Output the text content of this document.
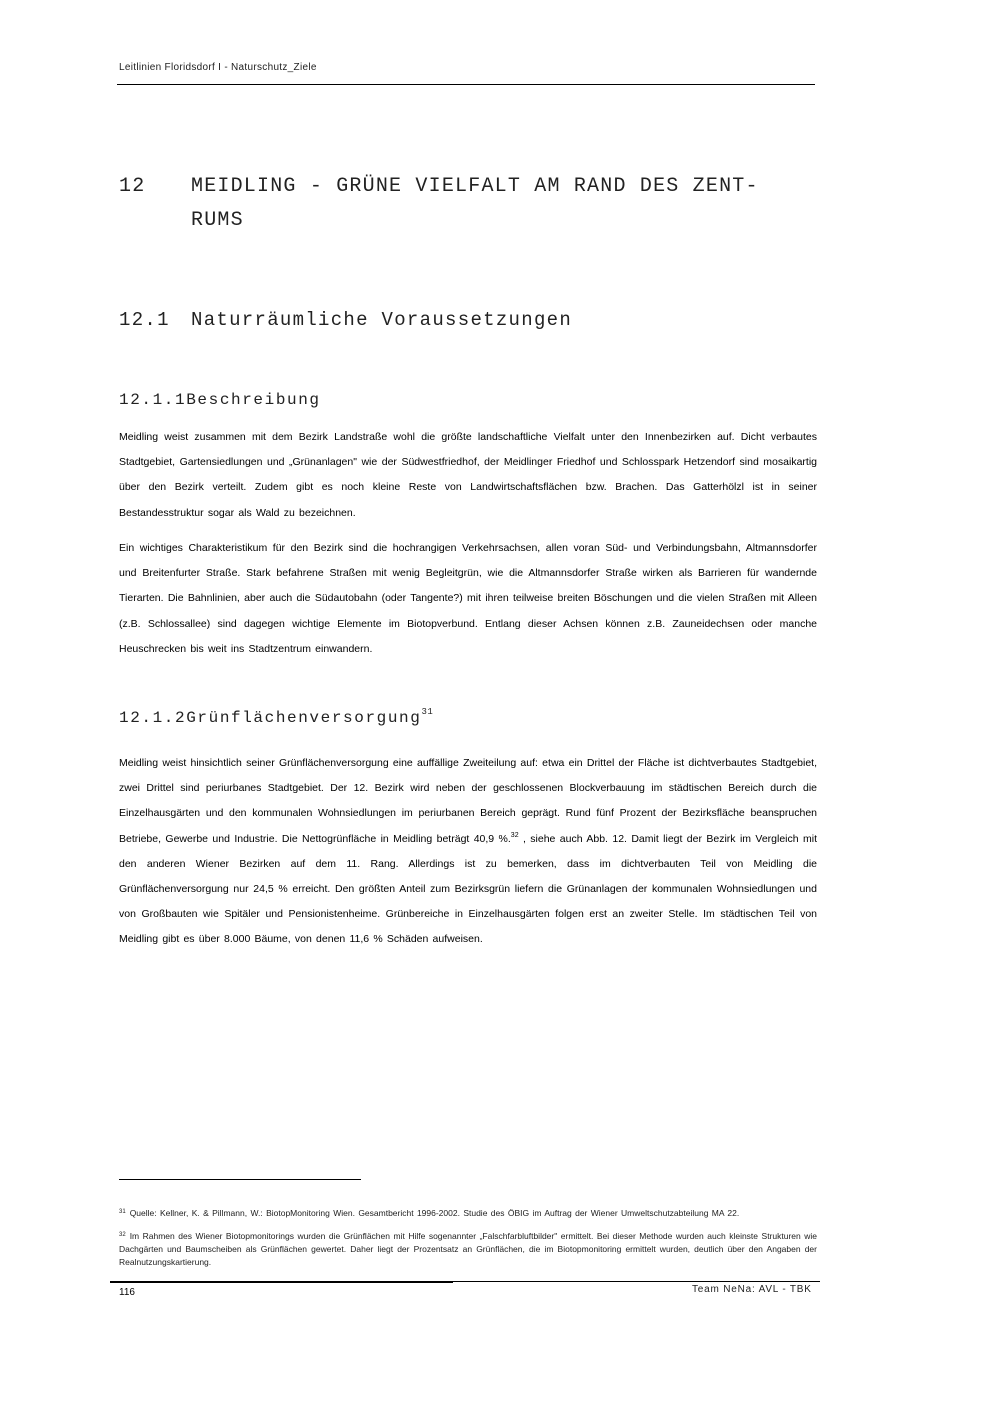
Leitlinien Floridsdorf I - Naturschutz_Ziele
12 MEIDLING - GRÜNE VIELFALT AM RAND DES ZENT-RUMS
12.1 Naturräumliche Voraussetzungen
12.1.1Beschreibung

Meidling weist zusammen mit dem Bezirk Landstraße wohl die größte landschaftliche Vielfalt unter den Innenbezirken auf. Dicht verbautes Stadtgebiet, Gartensiedlungen und „Grünanlagen" wie der Südwestfriedhof, der Meidlinger Friedhof und Schlosspark Hetzendorf sind mosaikartig über den Bezirk verteilt. Zudem gibt es noch kleine Reste von Landwirtschaftsflächen bzw. Brachen. Das Gatterhölzl ist in seiner Bestandesstruktur sogar als Wald zu bezeichnen.

Ein wichtiges Charakteristikum für den Bezirk sind die hochrangigen Verkehrsachsen, allen voran Süd- und Verbindungsbahn, Altmannsdorfer und Breitenfurter Straße. Stark befahrene Straßen mit wenig Begleitgrün, wie die Altmannsdorfer Straße wirken als Barrieren für wandernde Tierarten. Die Bahnlinien, aber auch die Südautobahn (oder Tangente?) mit ihren teilweise breiten Böschungen und die vielen Straßen mit Alleen (z.B. Schlossallee) sind dagegen wichtige Elemente im Biotopverbund. Entlang dieser Achsen können z.B. Zauneidechsen oder manche Heuschrecken bis weit ins Stadtzentrum einwandern.

12.1.2Grünflächenversorgung$^{31}$

Meidling weist hinsichtlich seiner Grünflächenversorgung eine auffällige Zweiteilung auf: etwa ein Drittel der Fläche ist dichtverbautes Stadtgebiet, zwei Drittel sind periurbanes Stadtgebiet. Der 12. Bezirk wird neben der geschlossenen Blockverbauung im städtischen Bereich durch die Einzelhausgärten und den kommunalen Wohnsiedlungen im periurbanen Bereich geprägt. Rund fünf Prozent der Bezirksfläche beanspruchen Betriebe, Gewerbe und Industrie. Die Nettogrünfläche in Meidling beträgt 40,9 %.$^{32}$ , siehe auch Abb. 12. Damit liegt der Bezirk im Vergleich mit den anderen Wiener Bezirken auf dem 11. Rang. Allerdings ist zu bemerken, dass im dichtverbauten Teil von Meidling die Grünflächenversorgung nur 24,5 % erreicht. Den größten Anteil zum Bezirksgrün liefern die Grünanlagen der kommunalen Wohnsiedlungen und von Großbauten wie Spitäler und Pensionistenheime. Grünbereiche in Einzelhausgärten folgen erst an zweiter Stelle. Im städtischen Teil von Meidling gibt es über 8.000 Bäume, von denen 11,6 % Schäden aufweisen.

$^{31}$ Quelle: Kellner, K. & Pillmann, W.: BiotopMonitoring Wien. Gesamtbericht 1996-2002. Studie des ÖBIG im Auftrag der Wiener Umweltschutzabteilung MA 22.

$^{32}$ Im Rahmen des Wiener Biotopmonitorings wurden die Grünflächen mit Hilfe sogenannter „Falschfarbluftbilder" ermittelt. Bei dieser Methode wurden auch kleinste Strukturen wie Dachgärten und Baumscheiben als Grünflächen gewertet. Daher liegt der Prozentsatz an Grünflächen, die im Biotopmonitoring ermittelt wurden, deutlich über den Angaben der Realnutzungskartierung.

116	Team NeNa: AVL - TBK
